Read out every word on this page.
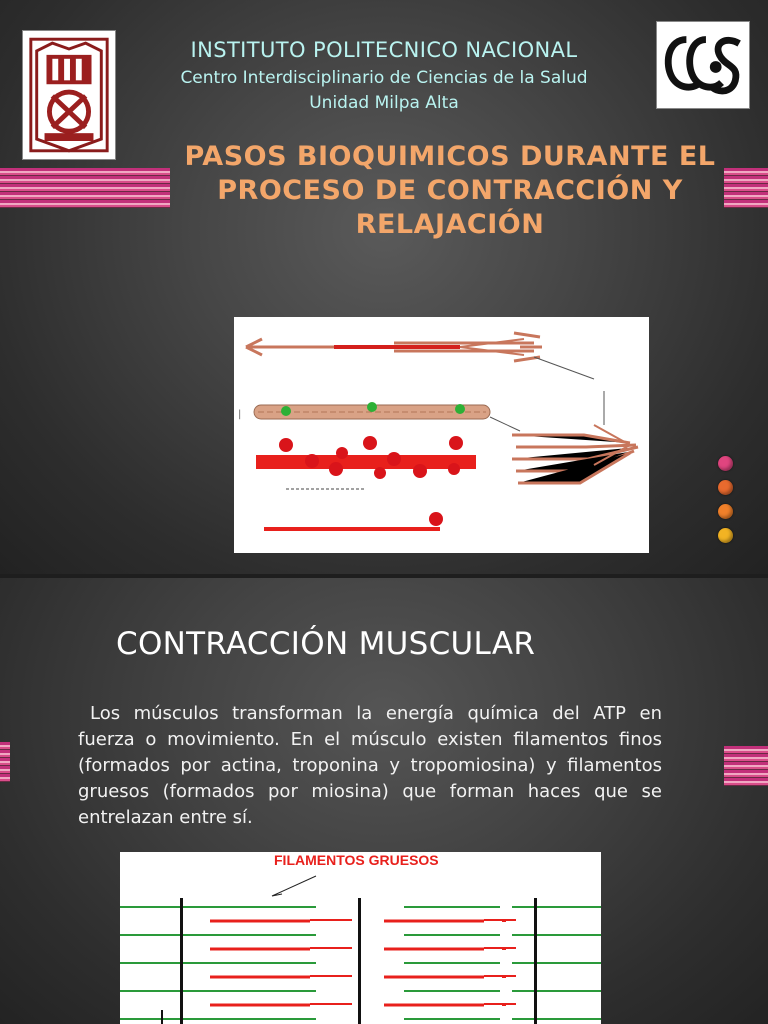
INSTITUTO POLITECNICO NACIONAL
Centro Interdisciplinario de Ciencias de la Salud
Unidad Milpa Alta
PASOS BIOQUIMICOS DURANTE EL
PROCESO DE CONTRACCIÓN Y
RELAJACIÓN
|
CONTRACCIÓN MUSCULAR

Los músculos transforman la energía química del ATP en fuerza o movimiento. En el músculo existen filamentos finos (formados por actina, troponina y tropomiosina) y filamentos gruesos (formados por miosina) que forman haces que se entrelazan entre sí.

FILAMENTOS GRUESOS
